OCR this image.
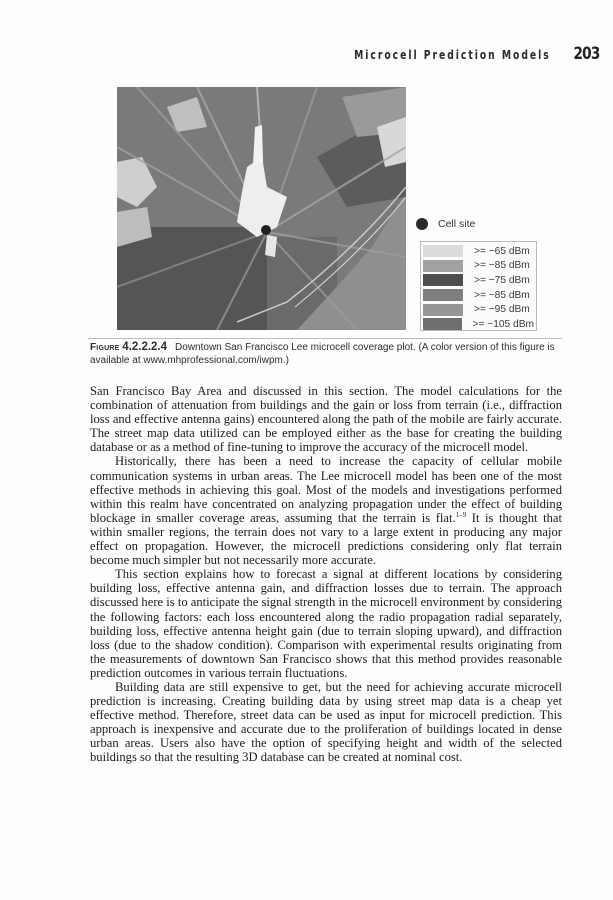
Microcell Prediction Models 203
Cell site
>= −65 dBm
>= −85 dBm
>= −75 dBm
>= −85 dBm
>= −95 dBm
>= −105 dBm
Figure 4.2.2.2.4 Downtown San Francisco Lee microcell coverage plot. (A color version of this figure is available at www.mhprofessional.com/iwpm.)

San Francisco Bay Area and discussed in this section. The model calculations for the combination of attenuation from buildings and the gain or loss from terrain (i.e., diffraction loss and effective antenna gains) encountered along the path of the mobile are fairly accurate. The street map data utilized can be employed either as the base for creating the building database or as a method of fine-tuning to improve the accuracy of the microcell model.

Historically, there has been a need to increase the capacity of cellular mobile communication systems in urban areas. The Lee microcell model has been one of the most effective methods in achieving this goal. Most of the models and investigations performed within this realm have concentrated on analyzing propagation under the effect of building blockage in smaller coverage areas, assuming that the terrain is flat.$^{1-9}$ It is thought that within smaller regions, the terrain does not vary to a large extent in producing any major effect on propagation. However, the microcell predictions considering only flat terrain become much simpler but not necessarily more accurate.

This section explains how to forecast a signal at different locations by considering building loss, effective antenna gain, and diffraction losses due to terrain. The approach discussed here is to anticipate the signal strength in the microcell environment by considering the following factors: each loss encountered along the radio propagation radial separately, building loss, effective antenna height gain (due to terrain sloping upward), and diffraction loss (due to the shadow condition). Comparison with experimental results originating from the measurements of downtown San Francisco shows that this method provides reasonable prediction outcomes in various terrain fluctuations.

Building data are still expensive to get, but the need for achieving accurate microcell prediction is increasing. Creating building data by using street map data is a cheap yet effective method. Therefore, street data can be used as input for microcell prediction. This approach is inexpensive and accurate due to the proliferation of buildings located in dense urban areas. Users also have the option of specifying height and width of the selected buildings so that the resulting 3D database can be created at nominal cost.
